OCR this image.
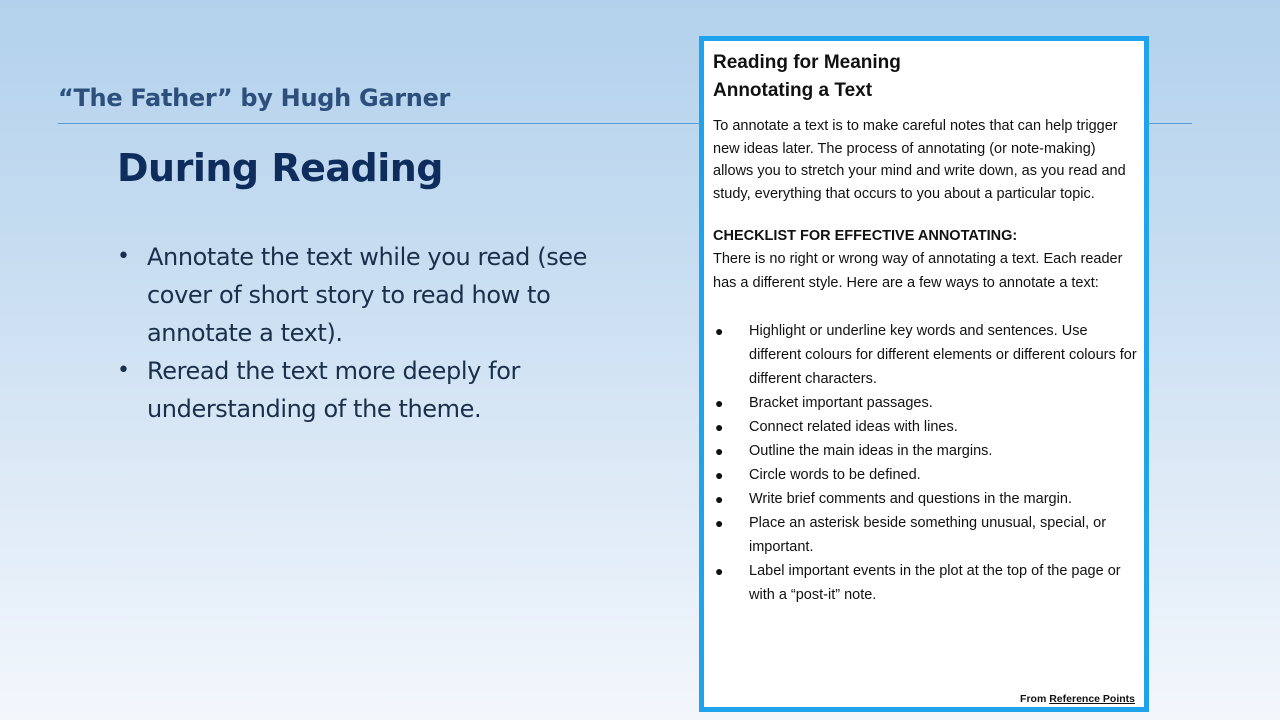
“The Father” by Hugh Garner
During Reading
• Annotate the text while you read (see cover of short story to read how to annotate a text).
• Reread the text more deeply for understanding of the theme.
Reading for Meaning
Annotating a Text
To annotate a text is to make careful notes that can help trigger new ideas later. The process of annotating (or note-making) allows you to stretch your mind and write down, as you read and study, everything that occurs to you about a particular topic.
CHECKLIST FOR EFFECTIVE ANNOTATING:
There is no right or wrong way of annotating a text. Each reader has a different style. Here are a few ways to annotate a text:
● Highlight or underline key words and sentences. Use different colours for different elements or different colours for different characters.
● Bracket important passages.
● Connect related ideas with lines.
● Outline the main ideas in the margins.
● Circle words to be defined.
● Write brief comments and questions in the margin.
● Place an asterisk beside something unusual, special, or important.
● Label important events in the plot at the top of the page or with a “post-it” note.
From Reference Points
